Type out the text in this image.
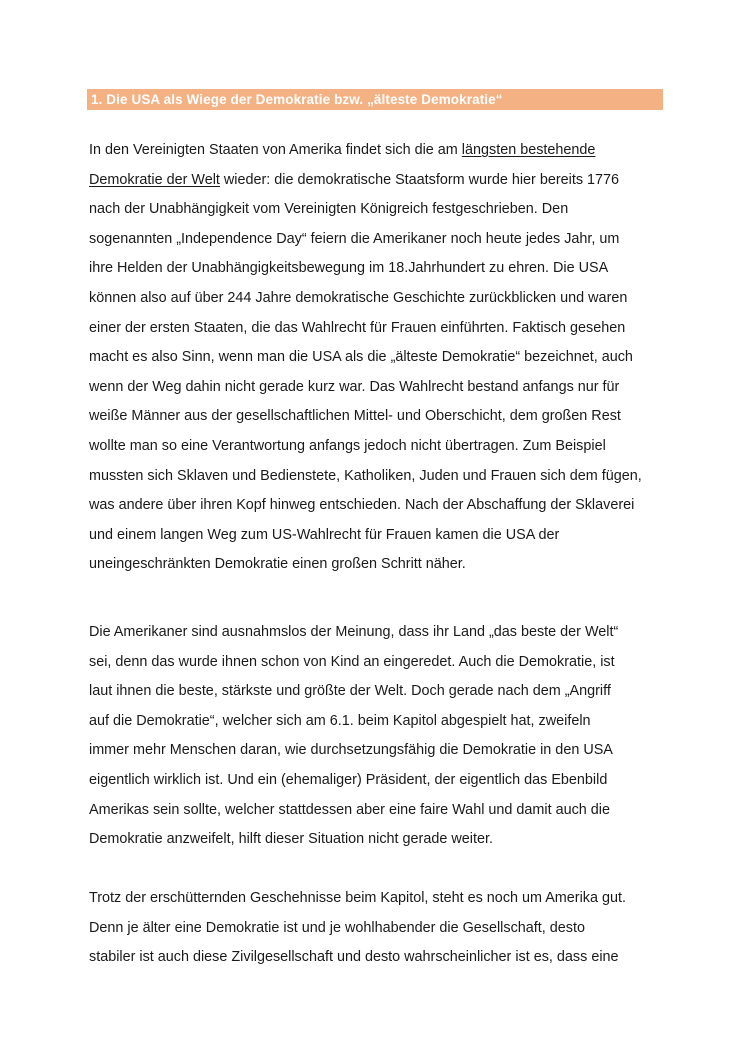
1. Die USA als Wiege der Demokratie bzw. „älteste Demokratie“

In den Vereinigten Staaten von Amerika findet sich die am längsten bestehende
Demokratie der Welt wieder: die demokratische Staatsform wurde hier bereits 1776
nach der Unabhängigkeit vom Vereinigten Königreich festgeschrieben. Den
sogenannten „Independence Day“ feiern die Amerikaner noch heute jedes Jahr, um
ihre Helden der Unabhängigkeitsbewegung im 18.Jahrhundert zu ehren. Die USA
können also auf über 244 Jahre demokratische Geschichte zurückblicken und waren
einer der ersten Staaten, die das Wahlrecht für Frauen einführten. Faktisch gesehen
macht es also Sinn, wenn man die USA als die „älteste Demokratie“ bezeichnet, auch
wenn der Weg dahin nicht gerade kurz war. Das Wahlrecht bestand anfangs nur für
weiße Männer aus der gesellschaftlichen Mittel- und Oberschicht, dem großen Rest
wollte man so eine Verantwortung anfangs jedoch nicht übertragen. Zum Beispiel
mussten sich Sklaven und Bedienstete, Katholiken, Juden und Frauen sich dem fügen,
was andere über ihren Kopf hinweg entschieden. Nach der Abschaffung der Sklaverei
und einem langen Weg zum US-Wahlrecht für Frauen kamen die USA der
uneingeschränkten Demokratie einen großen Schritt näher.

Die Amerikaner sind ausnahmslos der Meinung, dass ihr Land „das beste der Welt“
sei, denn das wurde ihnen schon von Kind an eingeredet. Auch die Demokratie, ist
laut ihnen die beste, stärkste und größte der Welt. Doch gerade nach dem „Angriff
auf die Demokratie“, welcher sich am 6.1. beim Kapitol abgespielt hat, zweifeln
immer mehr Menschen daran, wie durchsetzungsfähig die Demokratie in den USA
eigentlich wirklich ist. Und ein (ehemaliger) Präsident, der eigentlich das Ebenbild
Amerikas sein sollte, welcher stattdessen aber eine faire Wahl und damit auch die
Demokratie anzweifelt, hilft dieser Situation nicht gerade weiter.

Trotz der erschütternden Geschehnisse beim Kapitol, steht es noch um Amerika gut.
Denn je älter eine Demokratie ist und je wohlhabender die Gesellschaft, desto
stabiler ist auch diese Zivilgesellschaft und desto wahrscheinlicher ist es, dass eine
